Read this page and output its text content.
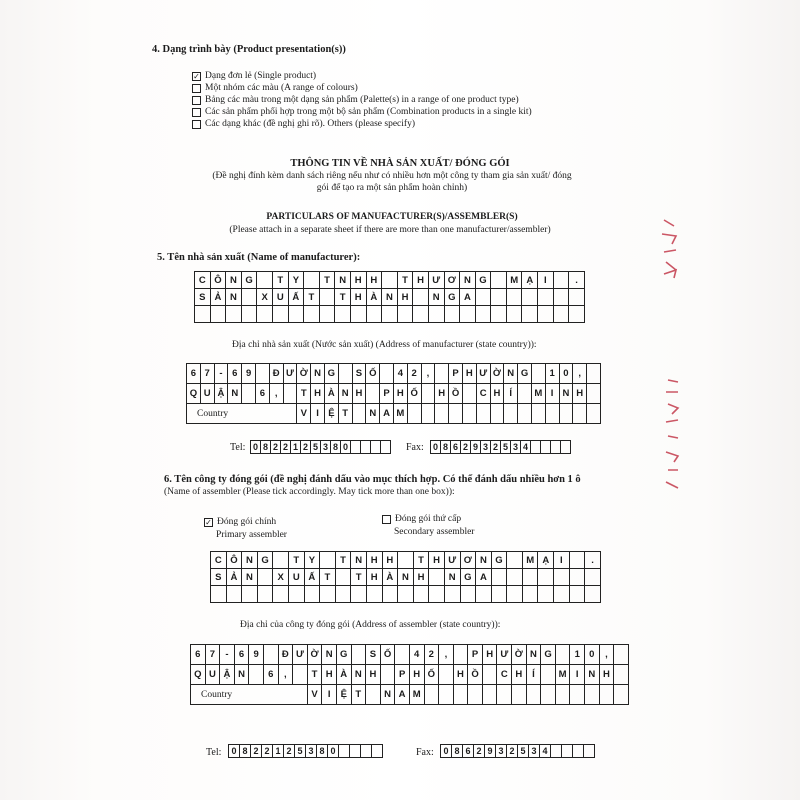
4. Dạng trình bày (Product presentation(s))
✓ Dạng đơn lẻ (Single product)
Một nhóm các màu (A range of colours)
Bảng các màu trong một dạng sản phẩm (Palette(s) in a range of one product type)
Các sản phẩm phối hợp trong một bộ sản phẩm (Combination products in a single kit)
Các dạng khác (đề nghị ghi rõ). Others (please specify)
THÔNG TIN VỀ NHÀ SẢN XUẤT/ ĐÓNG GÓI
(Đề nghị đính kèm danh sách riêng nếu như có nhiều hơn một công ty tham gia sản xuất/ đóng
gói để tạo ra một sản phẩm hoàn chỉnh)
PARTICULARS OF MANUFACTURER(S)/ASSEMBLER(S)
(Please attach in a separate sheet if there are more than one manufacturer/assembler)
5. Tên nhà sản xuất (Name of manufacturer):
C	Ô	N	G		T	Y		T	N	H	H		T	H	Ư	Ơ	N	G		M	Ạ	I		.
S	Ả	N		X	U	Ấ	T		T	H	À	N	H		N	G	A							

Địa chỉ nhà sản xuất (Nước sản xuất) (Address of manufacturer (state country)):
6	7	-	6	9		Đ	Ư	Ờ	N	G		S	Ố		4	2	,		P	H	Ư	Ờ	N	G		1	0	,	
Q	U	Ậ	N		6	,		T	H	À	N	H		P	H	Ố		H	Ồ		C	H	Í		M	I	N	H	
Country								V	I	Ệ	T		N	A	M														
Tel: 0	8	2	2	1	2	5	3	8	0					Fax: 0	8	6	2	9	3	2	5	3	4				
6. Tên công ty đóng gói (đề nghị đánh dấu vào mục thích hợp. Có thể đánh dấu nhiều hơn 1 ô
(Name of assembler (Please tick accordingly. May tick more than one box)):
✓ Đóng gói chính
Primary assembler
Đóng gói thứ cấp
Secondary assembler
C	Ô	N	G		T	Y		T	N	H	H		T	H	Ư	Ơ	N	G		M	Ạ	I		.
S	Ả	N		X	U	Ấ	T		T	H	À	N	H		N	G	A							

Địa chỉ của công ty đóng gói (Address of assembler (state country)):
6	7	-	6	9		Đ	Ư	Ờ	N	G		S	Ố		4	2	,		P	H	Ư	Ờ	N	G		1	0	,	
Q	U	Ậ	N		6	,		T	H	À	N	H		P	H	Ố		H	Ồ		C	H	Í		M	I	N	H	
Country								V	I	Ệ	T		N	A	M														
Tel: 0	8	2	2	1	2	5	3	8	0					Fax: 0	8	6	2	9	3	2	5	3	4				
